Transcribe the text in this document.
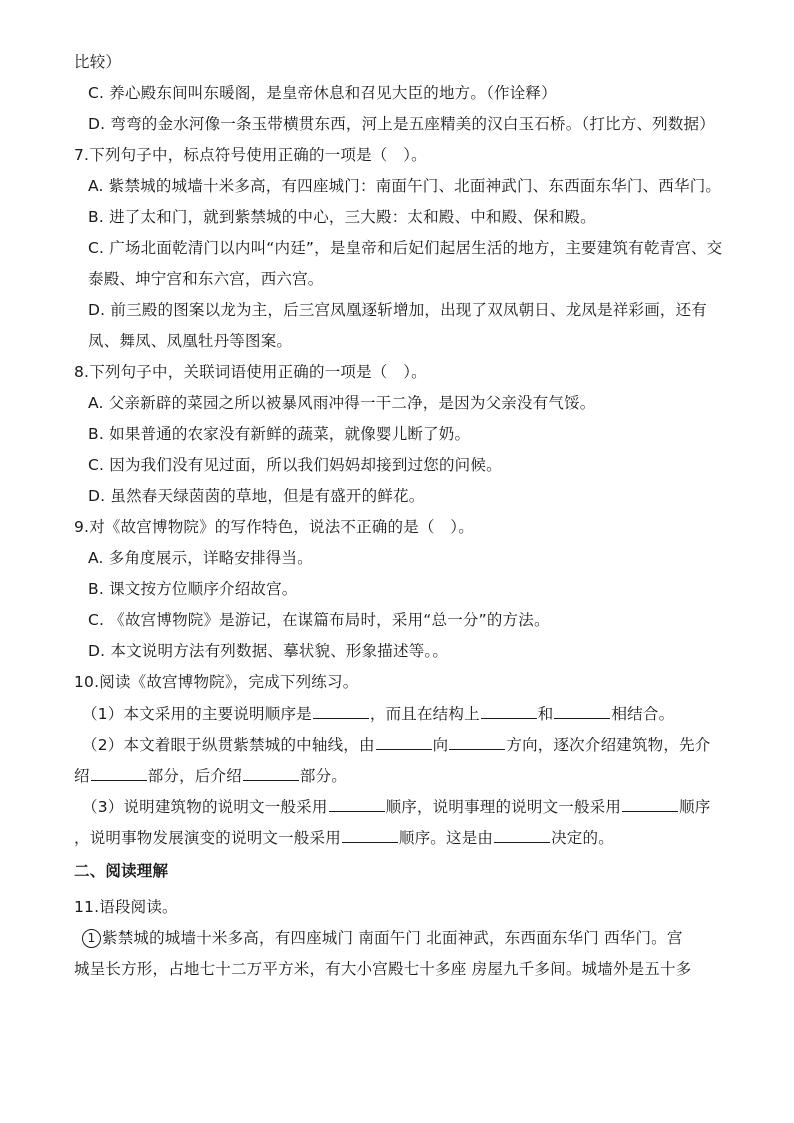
比较）
C. 养心殿东间叫东暖阁，是皇帝休息和召见大臣的地方。（作诠释）
D. 弯弯的金水河像一条玉带横贯东西，河上是五座精美的汉白玉石桥。（打比方、列数据）
7.下列句子中，标点符号使用正确的一项是（　）。
A. 紫禁城的城墙十米多高，有四座城门：南面午门、北面神武门、东西面东华门、西华门。
B. 进了太和门，就到紫禁城的中心，三大殿：太和殿、中和殿、保和殿。
C. 广场北面乾清门以内叫“内廷”，是皇帝和后妃们起居生活的地方，主要建筑有乾青宫、交
泰殿、坤宁宫和东六宫，西六宫。
D. 前三殿的图案以龙为主，后三宫凤凰逐斩增加，出现了双凤朝日、龙凤是祥彩画，还有
凤、舞凤、凤凰牡丹等图案。
8.下列句子中，关联词语使用正确的一项是（　）。
A. 父亲新辟的菜园之所以被暴风雨冲得一干二净，是因为父亲没有气馁。
B. 如果普通的农家没有新鲜的蔬菜，就像婴儿断了奶。
C. 因为我们没有见过面，所以我们妈妈却接到过您的问候。
D. 虽然春天绿茵茵的草地，但是有盛开的鲜花。
9.对《故宫博物院》的写作特色，说法不正确的是（　）。
A. 多角度展示，详略安排得当。
B. 课文按方位顺序介绍故宫。
C. 《故宫博物院》是游记，在谋篇布局时，采用“总一分”的方法。
D. 本文说明方法有列数据、摹状貌、形象描述等。。
10.阅读《故宫博物院》，完成下列练习。
（1）本文采用的主要说明顺序是	，而且在结构上	和	相结合。
（2）本文着眼于纵贯紫禁城的中轴线，由	向	方向，逐次介绍建筑物，先介
绍	部分，后介绍	部分。
（3）说明建筑物的说明文一般采用	顺序，说明事理的说明文一般采用	顺序
，说明事物发展演变的说明文一般采用	顺序。这是由	决定的。
二、阅读理解
11.语段阅读。
1 紫禁城的城墙十米多高，有四座城门 南面午门 北面神武，东西面东华门 西华门。宫
城呈长方形，占地七十二万平方米，有大小宫殿七十多座 房屋九千多间。城墙外是五十多
